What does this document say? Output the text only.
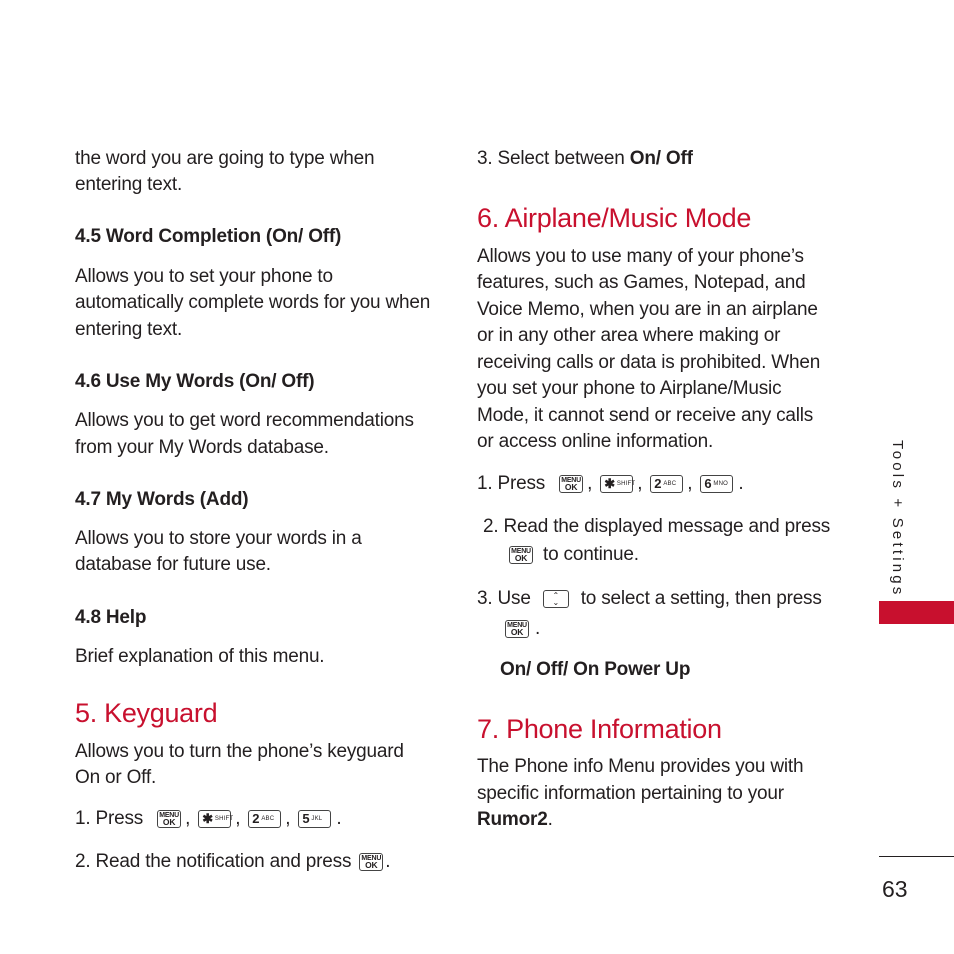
the word you are going to type when

entering text.

4.5 Word Completion (On/ Off)

Allows you to set your phone to

automatically complete words for you when

entering text.

4.6 Use My Words (On/ Off)

Allows you to get word recommendations

from your My Words database.

4.7 My Words (Add)

Allows you to store your words in a

database for future use.

4.8 Help

Brief explanation of this menu.

5. Keyguard

Allows you to turn the phone’s keyguard

On or Off.

1. Press MENU
OK , ✱ SHIFT , 2 ABC , 5 JKL .

2. Read the notification and press MENU
OK .

3. Select between On/ Off

6. Airplane/Music Mode

Allows you to use many of your phone’s

features, such as Games, Notepad, and

Voice Memo, when you are in an airplane

or in any other area where making or

receiving calls or data is prohibited. When

you set your phone to Airplane/Music

Mode, it cannot send or receive any calls

or access online information.

1. Press MENU
OK , ✱ SHIFT , 2 ABC , 6 MNO .

2. Read the displayed message and press

MENU
OK to continue.

3. Use	⌃
⌄ to select a setting, then press

MENU
OK .

On/ Off/ On Power Up

7. Phone Information

The Phone info Menu provides you with

specific information pertaining to your

Rumor2.

Tools + Settings
63
